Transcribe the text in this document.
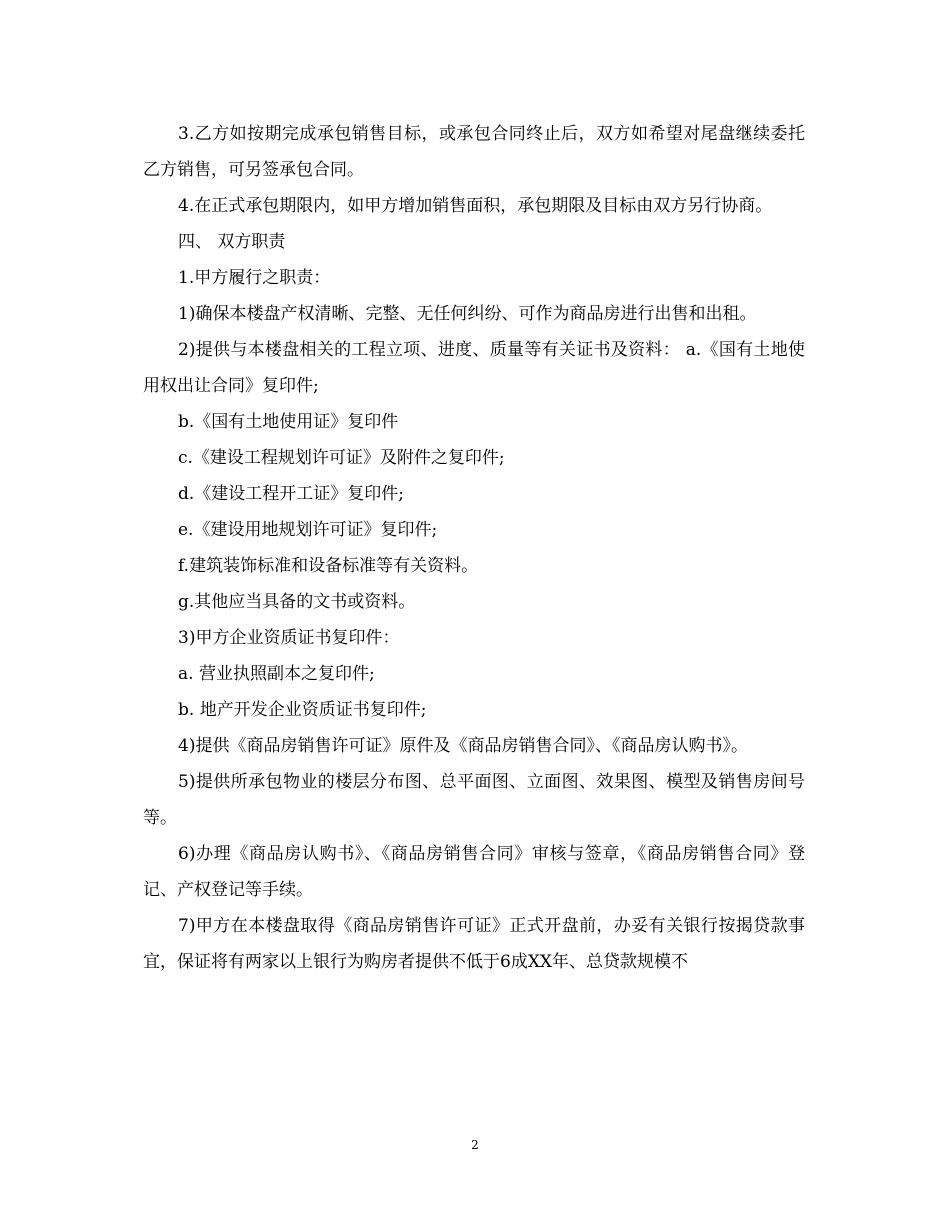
3.乙方如按期完成承包销售目标，或承包合同终止后，双方如希望对尾盘继续委托乙方销售，可另签承包合同。

4.在正式承包期限内，如甲方增加销售面积，承包期限及目标由双方另行协商。

四、 双方职责

1.甲方履行之职责：

1)确保本楼盘产权清晰、完整、无任何纠纷、可作为商品房进行出售和出租。

2)提供与本楼盘相关的工程立项、进度、质量等有关证书及资料： a.《国有土地使用权出让合同》复印件;

b.《国有土地使用证》复印件

c.《建设工程规划许可证》及附件之复印件;

d.《建设工程开工证》复印件;

e.《建设用地规划许可证》复印件;

f.建筑装饰标准和设备标准等有关资料。

g.其他应当具备的文书或资料。

3)甲方企业资质证书复印件：

a. 营业执照副本之复印件;

b. 地产开发企业资质证书复印件;

4)提供《商品房销售许可证》原件及《商品房销售合同》、《商品房认购书》。

5)提供所承包物业的楼层分布图、总平面图、立面图、效果图、模型及销售房间号等。

6)办理《商品房认购书》、《商品房销售合同》审核与签章，《商品房销售合同》登记、产权登记等手续。

7)甲方在本楼盘取得《商品房销售许可证》正式开盘前，办妥有关银行按揭贷款事宜，保证将有两家以上银行为购房者提供不低于6成XX年、总贷款规模不

2
